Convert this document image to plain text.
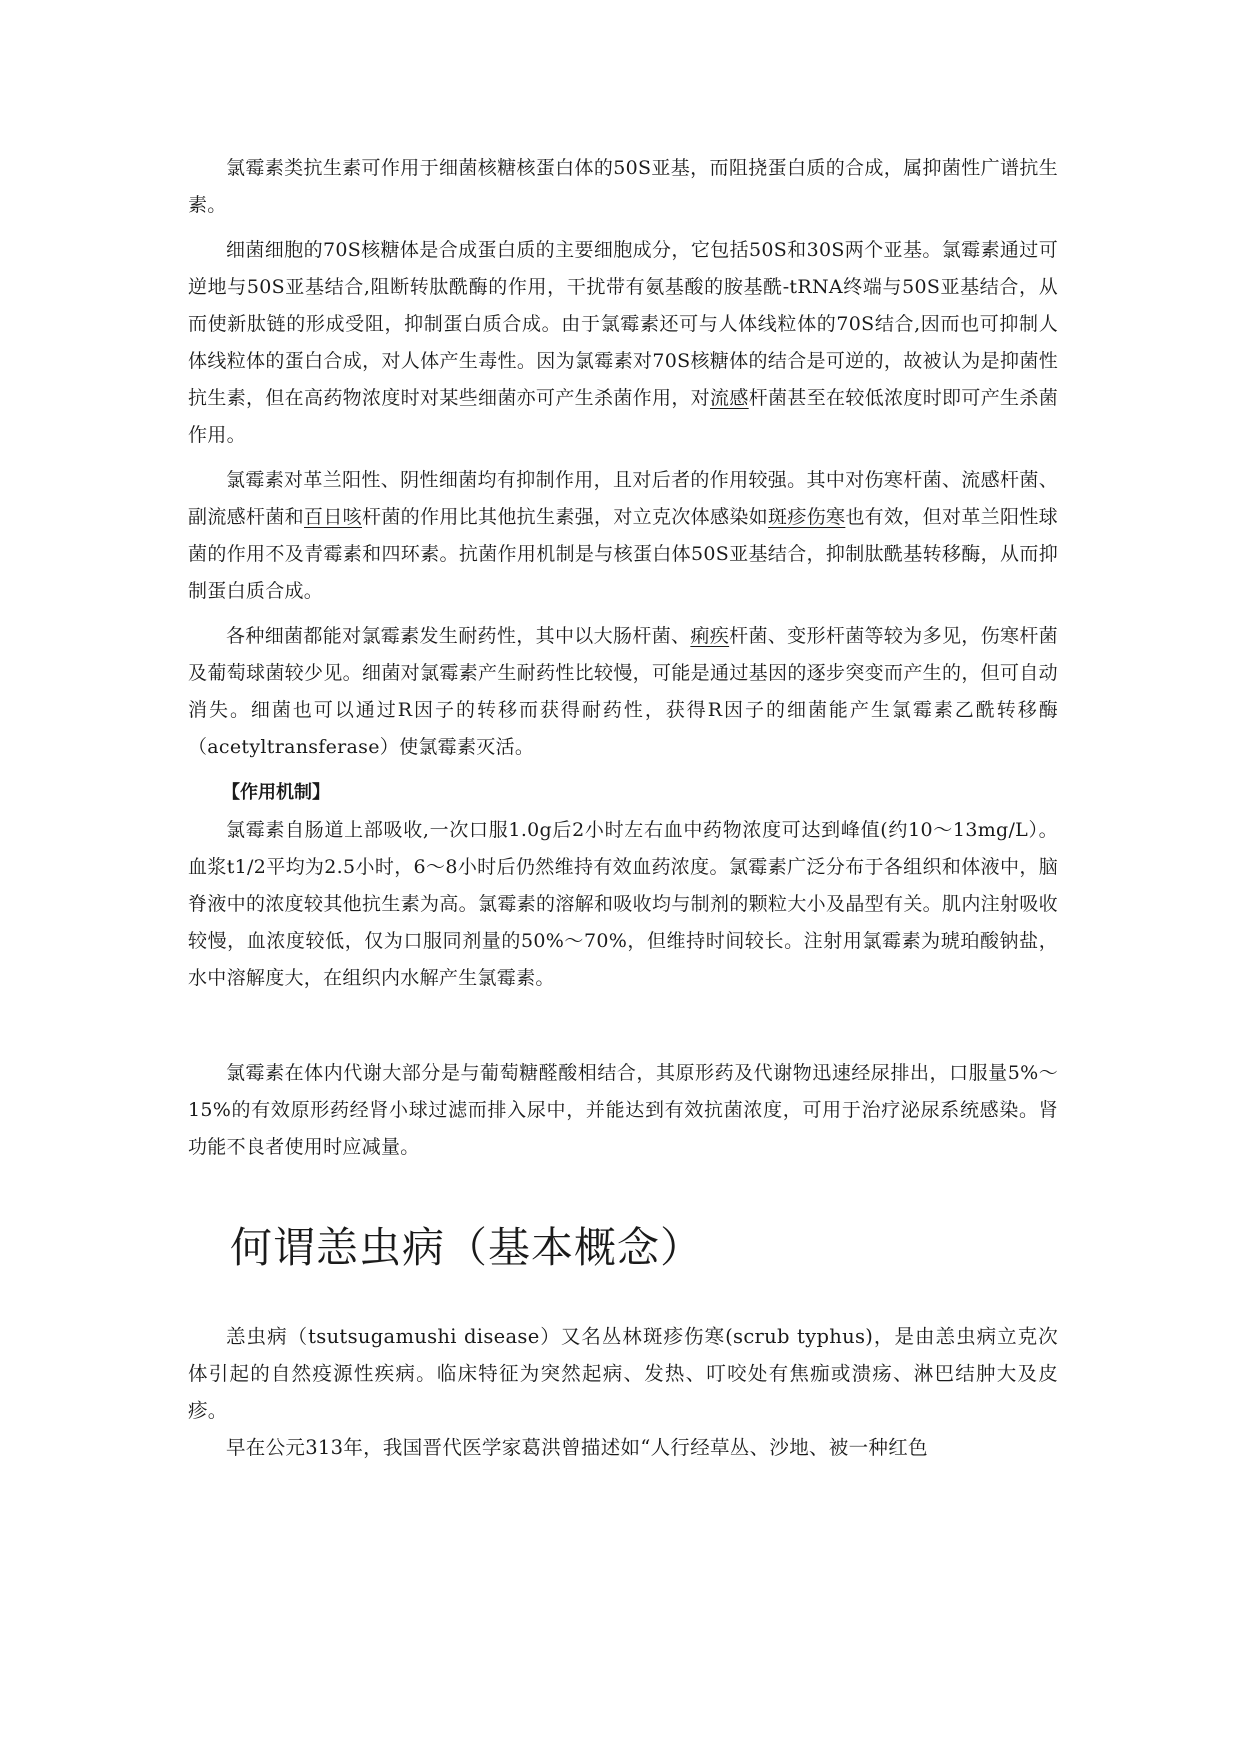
氯霉素类抗生素可作用于细菌核糖核蛋白体的50S亚基，而阻挠蛋白质的合成，属抑菌性广谱抗生素。

细菌细胞的70S核糖体是合成蛋白质的主要细胞成分，它包括50S和30S两个亚基。氯霉素通过可逆地与50S亚基结合,阻断转肽酰酶的作用，干扰带有氨基酸的胺基酰-tRNA终端与50S亚基结合，从而使新肽链的形成受阻，抑制蛋白质合成。由于氯霉素还可与人体线粒体的70S结合,因而也可抑制人体线粒体的蛋白合成，对人体产生毒性。因为氯霉素对70S核糖体的结合是可逆的，故被认为是抑菌性抗生素，但在高药物浓度时对某些细菌亦可产生杀菌作用，对流感杆菌甚至在较低浓度时即可产生杀菌作用。

氯霉素对革兰阳性、阴性细菌均有抑制作用，且对后者的作用较强。其中对伤寒杆菌、流感杆菌、副流感杆菌和百日咳杆菌的作用比其他抗生素强，对立克次体感染如斑疹伤寒也有效，但对革兰阳性球菌的作用不及青霉素和四环素。抗菌作用机制是与核蛋白体50S亚基结合，抑制肽酰基转移酶，从而抑制蛋白质合成。

各种细菌都能对氯霉素发生耐药性，其中以大肠杆菌、痢疾杆菌、变形杆菌等较为多见，伤寒杆菌及葡萄球菌较少见。细菌对氯霉素产生耐药性比较慢，可能是通过基因的逐步突变而产生的，但可自动消失。细菌也可以通过R因子的转移而获得耐药性，获得R因子的细菌能产生氯霉素乙酰转移酶（acetyltransferase）使氯霉素灭活。

【作用机制】

氯霉素自肠道上部吸收,一次口服1.0g后2小时左右血中药物浓度可达到峰值(约10～13mg/L）。血浆t1/2平均为2.5小时，6～8小时后仍然维持有效血药浓度。氯霉素广泛分布于各组织和体液中，脑脊液中的浓度较其他抗生素为高。氯霉素的溶解和吸收均与制剂的颗粒大小及晶型有关。肌内注射吸收较慢，血浓度较低，仅为口服同剂量的50%～70%，但维持时间较长。注射用氯霉素为琥珀酸钠盐，水中溶解度大，在组织内水解产生氯霉素。

氯霉素在体内代谢大部分是与葡萄糖醛酸相结合，其原形药及代谢物迅速经尿排出，口服量5%～15%的有效原形药经肾小球过滤而排入尿中，并能达到有效抗菌浓度，可用于治疗泌尿系统感染。肾功能不良者使用时应减量。

何谓恙虫病（基本概念）

恙虫病（tsutsugamushi disease）又名丛林斑疹伤寒(scrub typhus)，是由恙虫病立克次体引起的自然疫源性疾病。临床特征为突然起病、发热、叮咬处有焦痂或溃疡、淋巴结肿大及皮疹。

早在公元313年，我国晋代医学家葛洪曾描述如“人行经草丛、沙地、被一种红色
